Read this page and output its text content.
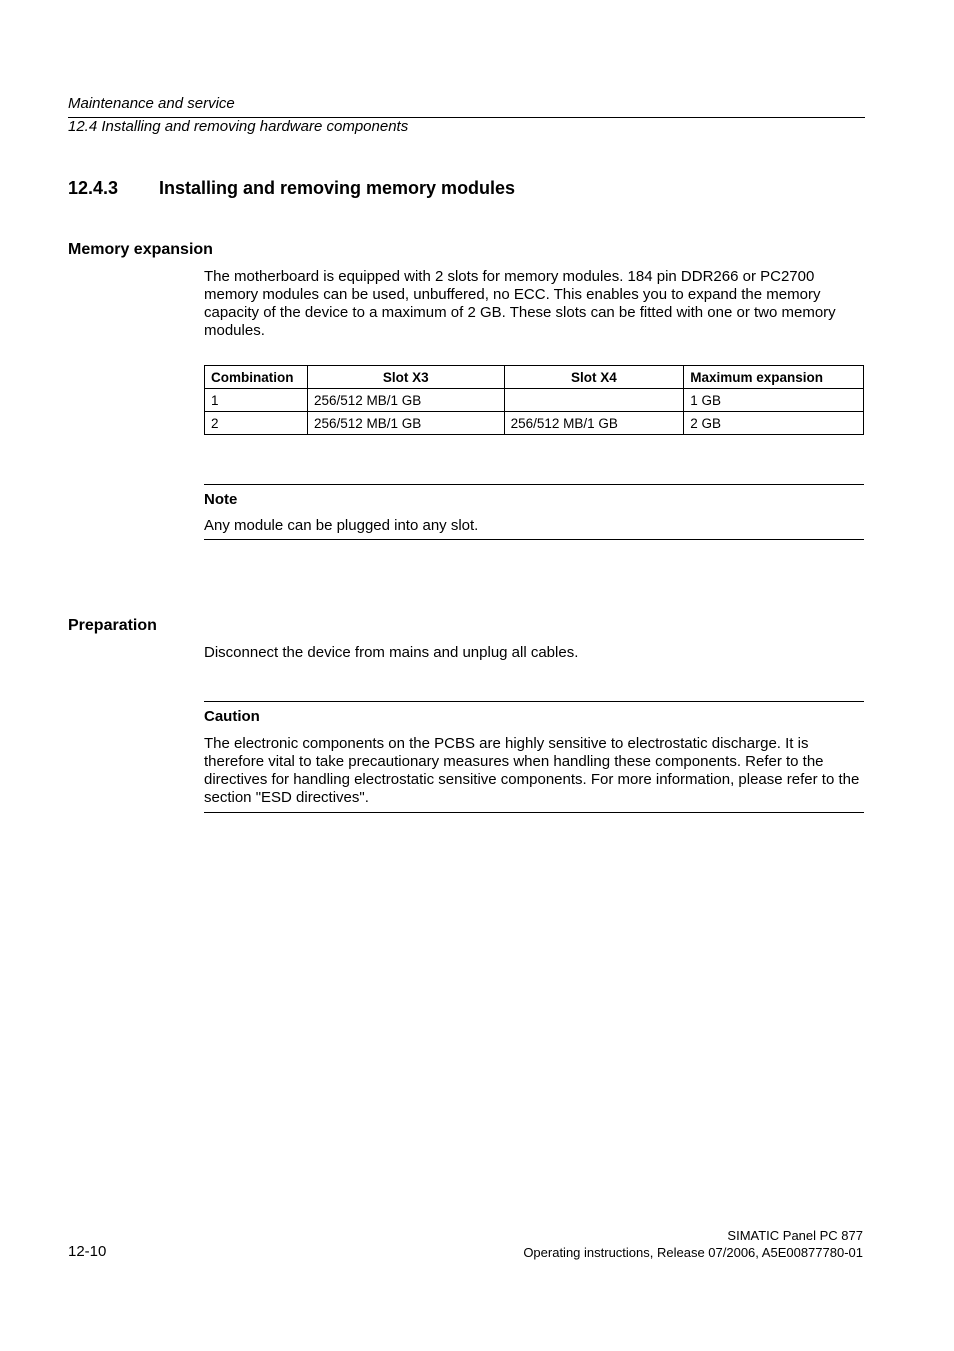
Maintenance and service
12.4 Installing and removing hardware components
12.4.3 Installing and removing memory modules
Memory expansion
The motherboard is equipped with 2 slots for memory modules. 184 pin DDR266 or PC2700 memory modules can be used, unbuffered, no ECC. This enables you to expand the memory capacity of the device to a maximum of 2 GB. These slots can be fitted with one or two memory modules.
Combination	Slot X3	Slot X4	Maximum expansion
1	256/512 MB/1 GB		1 GB
2	256/512 MB/1 GB	256/512 MB/1 GB	2 GB
Note
Any module can be plugged into any slot.
Preparation
Disconnect the device from mains and unplug all cables.
Caution
The electronic components on the PCBS are highly sensitive to electrostatic discharge. It is therefore vital to take precautionary measures when handling these components. Refer to the directives for handling electrostatic sensitive components. For more information, please refer to the section "ESD directives".
12-10
SIMATIC Panel PC 877
Operating instructions, Release 07/2006, A5E00877780-01
